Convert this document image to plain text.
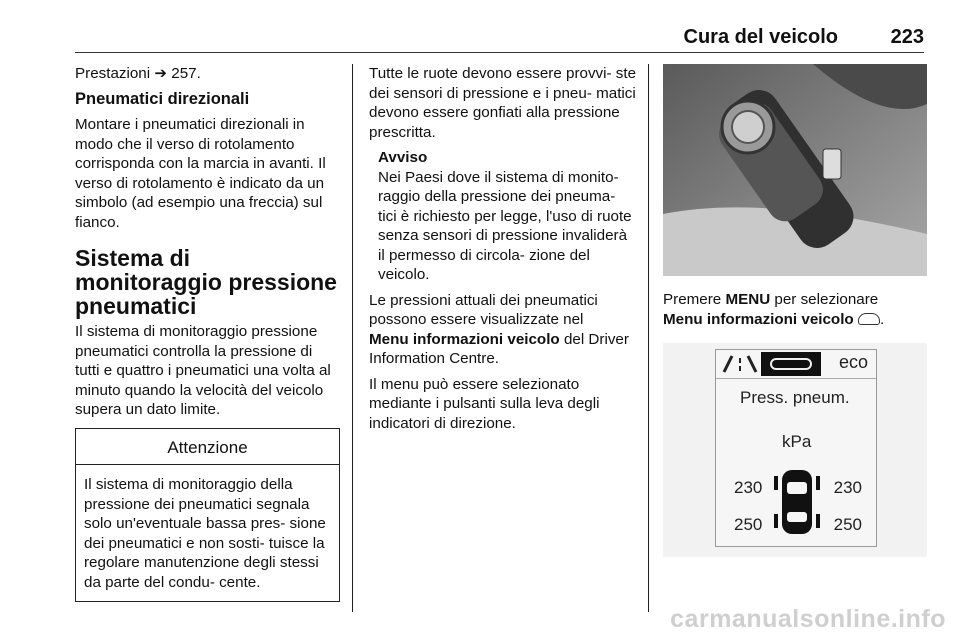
Cura del veicolo	223

Prestazioni ➔ 257.

Pneumatici direzionali

Montare i pneumatici direzionali in modo che il verso di rotolamento corrisponda con la marcia in avanti. Il verso di rotolamento è indicato da un simbolo (ad esempio una freccia) sul fianco.

Sistema di monitoraggio pressione pneumatici

Il sistema di monitoraggio pressione pneumatici controlla la pressione di tutti e quattro i pneumatici una volta al minuto quando la velocità del veicolo supera un dato limite.

Attenzione
Il sistema di monitoraggio della pressione dei pneumatici segnala solo un'eventuale bassa pres- sione dei pneumatici e non sosti- tuisce la regolare manutenzione degli stessi da parte del condu- cente.

Tutte le ruote devono essere provvi- ste dei sensori di pressione e i pneu- matici devono essere gonfiati alla pressione prescritta.

Avviso
Nei Paesi dove il sistema di monito- raggio della pressione dei pneuma- tici è richiesto per legge, l'uso di ruote senza sensori di pressione invaliderà il permesso di circola- zione del veicolo.

Le pressioni attuali dei pneumatici possono essere visualizzate nel
Menu informazioni veicolo del Driver Information Centre.

Il menu può essere selezionato mediante i pulsanti sulla leva degli indicatori di direzione.

Premere MENU per selezionare
Menu informazioni veicolo .

eco
Press. pneum.
kPa
230	230
250	250
carmanualsonline.info
